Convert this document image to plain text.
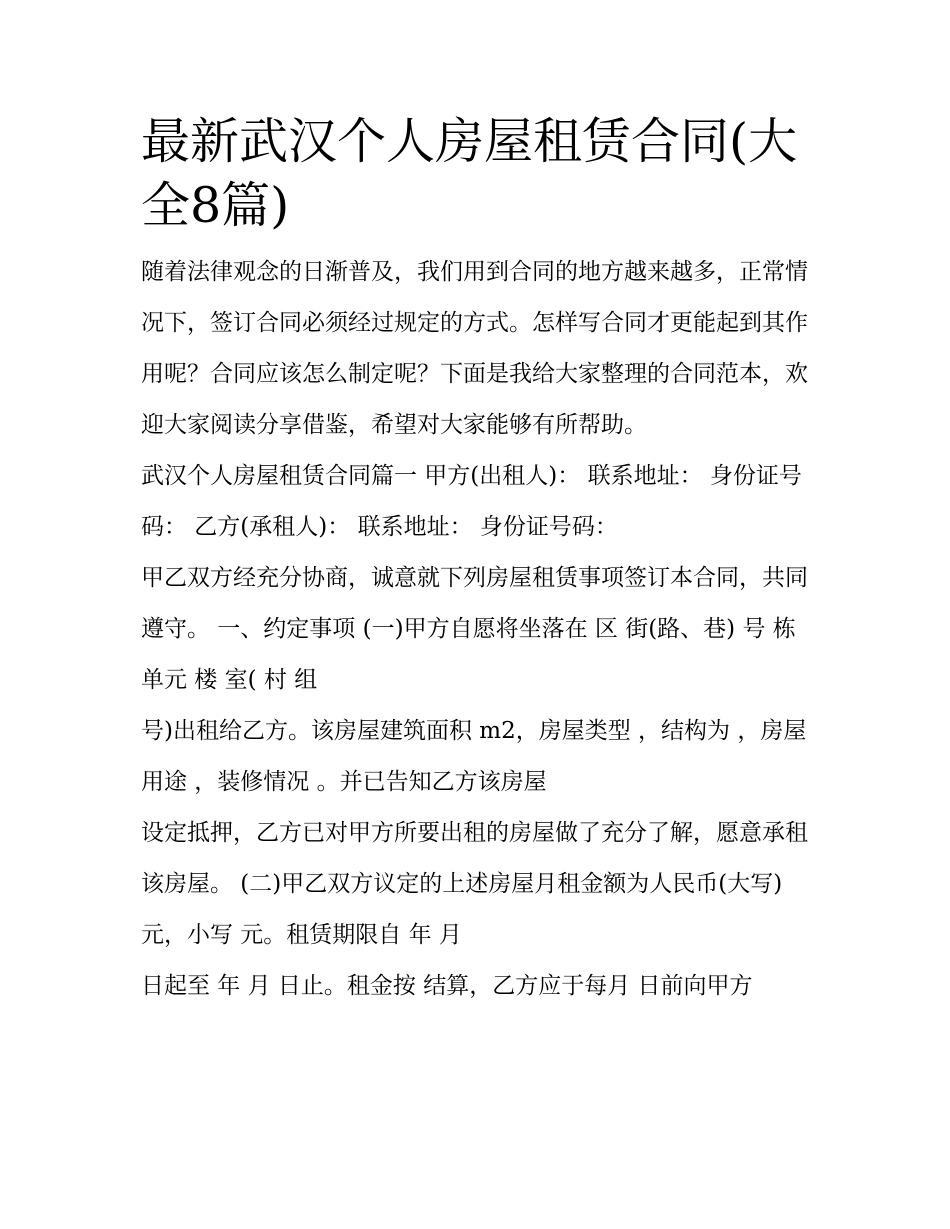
最新武汉个人房屋租赁合同(大全8篇)

随着法律观念的日渐普及，我们用到合同的地方越来越多，正常情况下，签订合同必须经过规定的方式。怎样写合同才更能起到其作用呢？合同应该怎么制定呢？下面是我给大家整理的合同范本，欢迎大家阅读分享借鉴，希望对大家能够有所帮助。

武汉个人房屋租赁合同篇一 甲方(出租人)： 联系地址： 身份证号码： 乙方(承租人)： 联系地址： 身份证号码：

甲乙双方经充分协商，诚意就下列房屋租赁事项签订本合同，共同遵守。 一、约定事项 (一)甲方自愿将坐落在 区 街(路、巷) 号 栋 单元 楼 室( 村 组

号)出租给乙方。该房屋建筑面积 m2，房屋类型 ，结构为 ，房屋用途 ，装修情况 。并已告知乙方该房屋

设定抵押，乙方已对甲方所要出租的房屋做了充分了解，愿意承租该房屋。 (二)甲乙双方议定的上述房屋月租金额为人民币(大写) 元，小写 元。租赁期限自 年 月

日起至 年 月 日止。租金按 结算，乙方应于每月 日前向甲方
